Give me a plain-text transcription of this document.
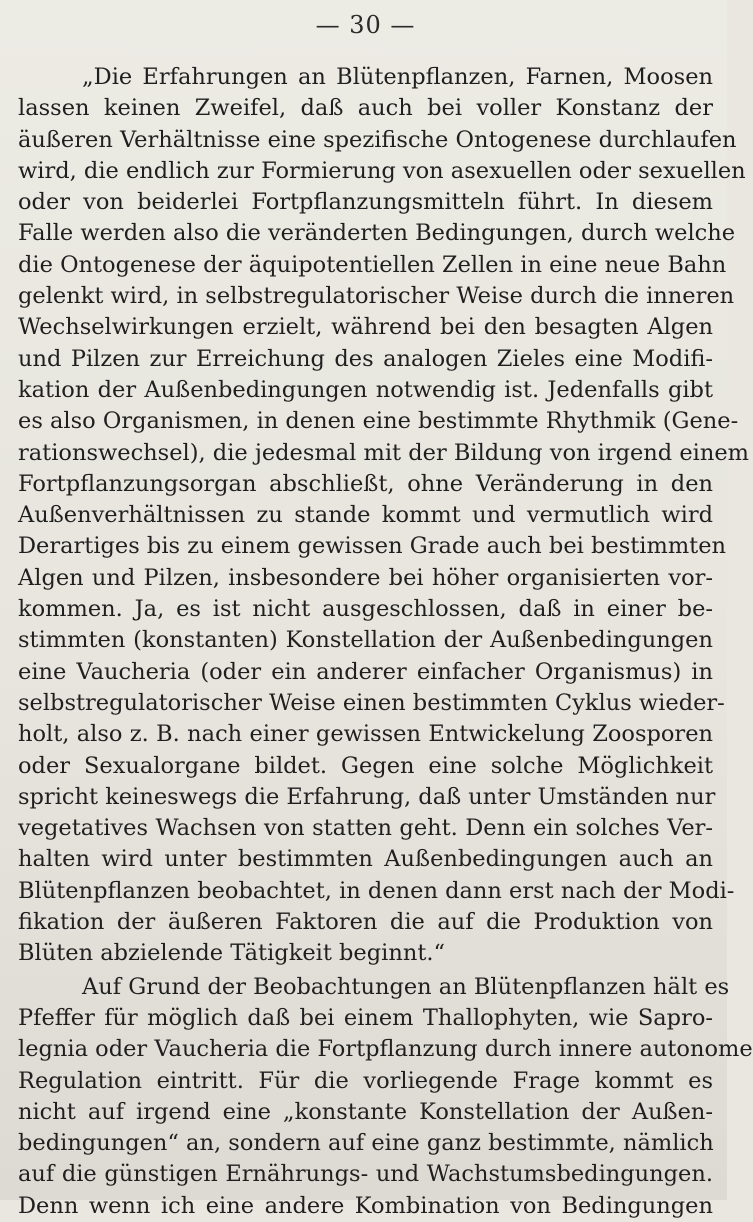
— 30 —

„Die Erfahrungen an Blütenpflanzen, Farnen, Moosen
lassen keinen Zweifel, daß auch bei voller Konstanz der
äußeren Verhältnisse eine spezifische Ontogenese durchlaufen
wird, die endlich zur Formierung von asexuellen oder sexuellen
oder von beiderlei Fortpflanzungsmitteln führt. In diesem
Falle werden also die veränderten Bedingungen, durch welche
die Ontogenese der äquipotentiellen Zellen in eine neue Bahn
gelenkt wird, in selbstregulatorischer Weise durch die inneren
Wechselwirkungen erzielt, während bei den besagten Algen
und Pilzen zur Erreichung des analogen Zieles eine Modifi-
kation der Außenbedingungen notwendig ist. Jedenfalls gibt
es also Organismen, in denen eine bestimmte Rhythmik (Gene-
rationswechsel), die jedesmal mit der Bildung von irgend einem
Fortpflanzungsorgan abschließt, ohne Veränderung in den
Außenverhältnissen zu stande kommt und vermutlich wird
Derartiges bis zu einem gewissen Grade auch bei bestimmten
Algen und Pilzen, insbesondere bei höher organisierten vor-
kommen. Ja, es ist nicht ausgeschlossen, daß in einer be-
stimmten (konstanten) Konstellation der Außenbedingungen
eine Vaucheria (oder ein anderer einfacher Organismus) in
selbstregulatorischer Weise einen bestimmten Cyklus wieder-
holt, also z. B. nach einer gewissen Entwickelung Zoosporen
oder Sexualorgane bildet. Gegen eine solche Möglichkeit
spricht keineswegs die Erfahrung, daß unter Umständen nur
vegetatives Wachsen von statten geht. Denn ein solches Ver-
halten wird unter bestimmten Außenbedingungen auch an
Blütenpflanzen beobachtet, in denen dann erst nach der Modi-
fikation der äußeren Faktoren die auf die Produktion von
Blüten abzielende Tätigkeit beginnt.“

Auf Grund der Beobachtungen an Blütenpflanzen hält es
Pfeffer für möglich daß bei einem Thallophyten, wie Sapro-
legnia oder Vaucheria die Fortpflanzung durch innere autonome
Regulation eintritt. Für die vorliegende Frage kommt es
nicht auf irgend eine „konstante Konstellation der Außen-
bedingungen“ an, sondern auf eine ganz bestimmte, nämlich
auf die günstigen Ernährungs- und Wachstumsbedingungen.
Denn wenn ich eine andere Kombination von Bedingungen
